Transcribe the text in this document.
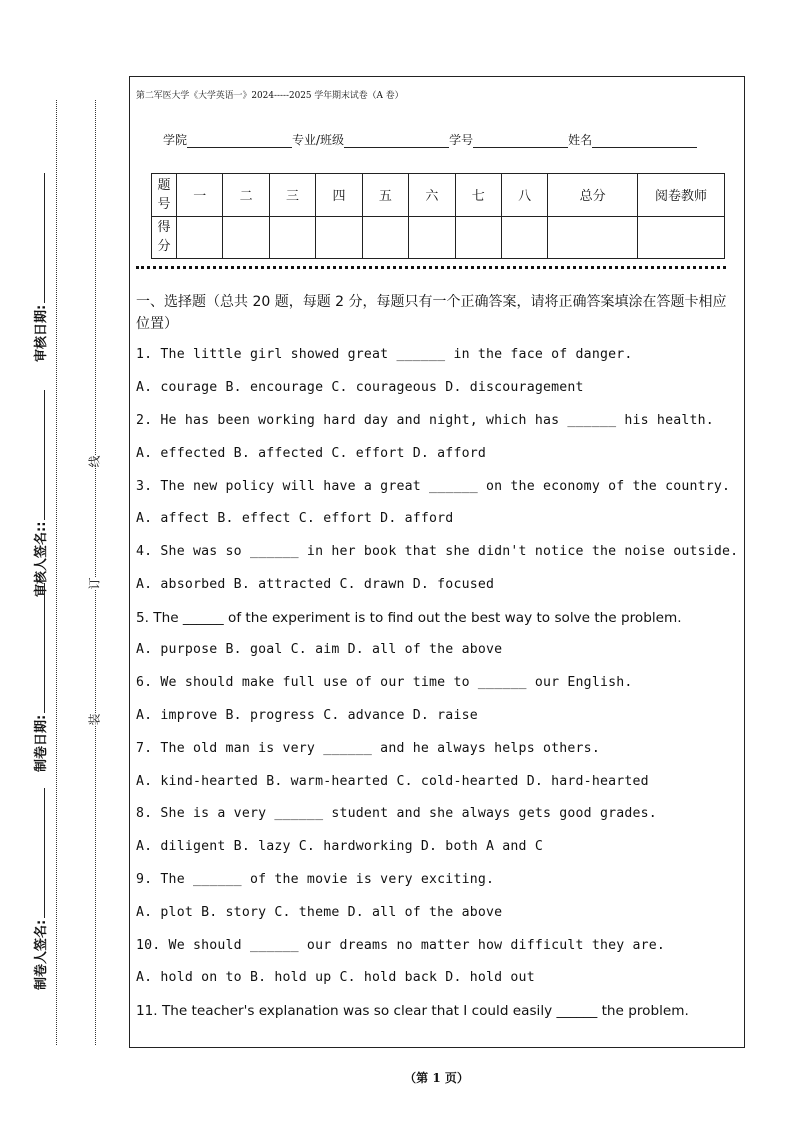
审核日期:
审核人签名::
制卷日期:
制卷人签名:
线
订
装
第二军医大学《大学英语一》2024-----2025 学年期末试卷（A 卷）
学院	专业/班级	学号	姓名
题号	一	二	三	四	五	六	七	八	总分	阅卷教师
得分										
一、选择题（总共 20 题，每题 2 分，每题只有一个正确答案，请将正确答案填涂在答题卡相应位置）
1. The little girl showed great ______ in the face of danger.
A. courage B. encourage C. courageous D. discouragement
2. He has been working hard day and night, which has ______ his health.
A. effected B. affected C. effort D. afford
3. The new policy will have a great ______ on the economy of the country.
A. affect B. effect C. effort D. afford
4. She was so ______ in her book that she didn't notice the noise outside.
A. absorbed B. attracted C. drawn D. focused
5. The ______ of the experiment is to find out the best way to solve the problem.
A. purpose B. goal C. aim D. all of the above
6. We should make full use of our time to ______ our English.
A. improve B. progress C. advance D. raise
7. The old man is very ______ and he always helps others.
A. kind-hearted B. warm-hearted C. cold-hearted D. hard-hearted
8. She is a very ______ student and she always gets good grades.
A. diligent B. lazy C. hardworking D. both A and C
9. The ______ of the movie is very exciting.
A. plot B. story C. theme D. all of the above
10. We should ______ our dreams no matter how difficult they are.
A. hold on to B. hold up C. hold back D. hold out
11. The teacher's explanation was so clear that I could easily ______ the problem.
（第 1 页）
